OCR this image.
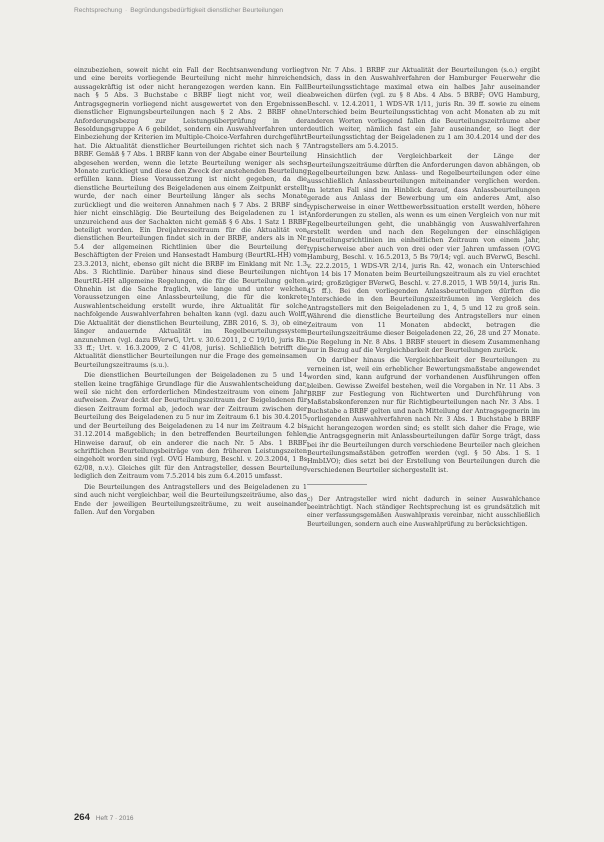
Rechtsprechung · Begründungsbedürftigkeit dienstlicher Beurteilungen

einzubeziehen, soweit nicht ein Fall der Rechtsanwendung vorliegt und eine bereits vorliegende Beurteilung nicht mehr hinreichend aussagekräftig ist oder nicht herangezogen werden kann. Ein Fall nach § 5 Abs. 3 Buchstabe c BRBF liegt nicht vor, weil die Antragsgegnerin vorliegend nicht ausgewertet von den Ergebnissen dienstlicher Eignungsbeurteilungen nach § 2 Abs. 2 BRBF ohne Anforderungsbezug zur Leistungsüberprüfung in der Besoldungsgruppe A 6 gebildet, sondern ein Auswahlverfahren unter Einbeziehung der Kriterien im Multiple-Choice-Verfahren durchgeführt hat. Die Aktualität dienstlicher Beurteilungen richtet sich nach § 7 BRBF. Gemäß § 7 Abs. 1 BRBF kann von der Abgabe einer Beurteilung abgesehen werden, wenn die letzte Beurteilung weniger als sechs Monate zurückliegt und diese den Zweck der anstehenden Beurteilung erfüllen kann. Diese Voraussetzung ist nicht gegeben, da die dienstliche Beurteilung des Beigeladenen aus einem Zeitpunkt erstellt wurde, der nach einer Beurteilung länger als sechs Monate zurückliegt und die weiteren Annahmen nach § 7 Abs. 2 BRBF sind hier nicht einschlägig. Die Beurteilung des Beigeladenen zu 1 ist unzureichend aus der Sachakten nicht gemäß § 6 Abs. 1 Satz 1 BRBF beteiligt worden. Ein Dreijahreszeitraum für die Aktualität von dienstlichen Beurteilungen findet sich in der BRBF, anders als in Nr. 5.4 der allgemeinen Richtlinien über die Beurteilung der Beschäftigten der Freien und Hansestadt Hamburg (BeurtRL-HH) vom 23.3.2013, nicht, ebenso gilt nicht die BRBF im Einklang mit Nr. 1.3 Abs. 3 Richtlinie. Darüber hinaus sind diese Beurteilungen nicht BeurtRL-HH allgemeine Regelungen, die für die Beurteilung gelten. Ohnehin ist die Sache fraglich, wie lange und unter welchen Voraussetzungen eine Anlassbeurteilung, die für die konkrete Auswahlentscheidung erstellt wurde, ihre Aktualität für solche nachfolgende Auswahlverfahren behalten kann (vgl. dazu auch Wolff, Die Aktualität der dienstlichen Beurteilung, ZBR 2016, S. 3), ob eine länger andauernde Aktualität im Regelbeurteilungssystem anzunehmen (vgl. dazu BVerwG, Urt. v. 30.6.2011, 2 C 19/10, juris Rn. 33 ff.; Urt. v. 16.3.2009, 2 C 41/08, juris). Schließlich betrifft die Aktualität dienstlicher Beurteilungen nur die Frage des gemeinsamen Beurteilungszeitraums (s.u.).

Die dienstlichen Beurteilungen der Beigeladenen zu 5 und 14 stellen keine tragfähige Grundlage für die Auswahlentscheidung dar, weil sie nicht den erforderlichen Mindestzeitraum von einem Jahr aufweisen. Zwar deckt der Beurteilungszeitraum der Beigeladenen für diesen Zeitraum formal ab, jedoch war der Zeitraum zwischen der Beurteilung des Beigeladenen zu 5 nur im Zeitraum 6.1 bis 30.4.2015 und der Beurteilung des Beigeladenen zu 14 nur im Zeitraum 4.2 bis 31.12.2014 maßgeblich; in den betreffenden Beurteilungen fehlen Hinweise darauf, ob ein anderer die nach Nr. 5 Abs. 1 BRBF schriftlichen Beurteilungsbeiträge von den früheren Leistungszeiten eingeholt worden sind (vgl. OVG Hamburg, Beschl. v. 20.3.2004, 1 Bs 62/08, n.v.). Gleiches gilt für den Antragsteller, dessen Beurteilung lediglich den Zeitraum vom 7.5.2014 bis zum 6.4.2015 umfasst.

Die Beurteilungen des Antragstellers und des Beigeladenen zu 1 sind auch nicht vergleichbar, weil die Beurteilungszeiträume, also das Ende der jeweiligen Beurteilungszeiträume, zu weit auseinander fallen. Auf den Vorgaben

von Nr. 7 Abs. 1 BRBF zur Aktualität der Beurteilungen (s.o.) ergibt sich, dass in den Auswahlverfahren der Hamburger Feuerwehr die Beurteilungsstichtage maximal etwa ein halbes Jahr auseinander abweichen dürfen (vgl. zu § 8 Abs. 4 Abs. 5 BRBF; OVG Hamburg, Beschl. v. 12.4.2011, 1 WDS-VR 1/11, juris Rn. 39 ff. sowie zu einem Unterschied beim Beurteilungsstichtag von acht Monaten ab zu mit anderen Worten vorliegend fallen die Beurteilungszeiträume aber deutlich weiter, nämlich fast ein Jahr auseinander, so liegt der Beurteilungsstichtag der Beigeladenen zu 1 am 30.4.2014 und der des Antragstellers am 5.4.2015.

Hinsichtlich der Vergleichbarkeit der Länge der Beurteilungszeiträume dürften die Anforderungen davon abhängen, ob Regelbeurteilungen bzw. Anlass- und Regelbeurteilungen oder eine ausschließlich Anlassbeurteilungen miteinander verglichen werden. Im letzten Fall sind im Hinblick darauf, dass Anlassbeurteilungen gerade aus Anlass der Bewerbung um ein anderes Amt, also typischerweise in einer Wettbewerbssituation erstellt werden, höhere Anforderungen zu stellen, als wenn es um einen Vergleich von nur mit Regelbeurteilungen geht, die unabhängig von Auswahlverfahren erstellt werden und nach den Regelungen der einschlägigen Beurteilungsrichtlinien im einheitlichen Zeitraum von einem Jahr, typischerweise aber auch von drei oder vier Jahren umfassen (OVG Hamburg, Beschl. v. 16.5.2013, 5 Bs 79/14; vgl. auch BVerwG, Beschl. v. 22.2.2015, 1 WDS-VR 2/14, juris Rn. 42, wonach ein Unterschied von 14 bis 17 Monaten beim Beurteilungszeitraum als zu viel erachtet wird; großzügiger BVerwG, Beschl. v. 27.8.2015, 1 WB 59/14, juris Rn. 45 ff.). Bei den vorliegenden Anlassbeurteilungen dürften die Unterschiede in den Beurteilungszeiträumen im Vergleich des Antragstellers mit den Beigeladenen zu 1, 4, 5 und 12 zu groß sein. Während die dienstliche Beurteilung des Antragstellers nur einen Zeitraum von 11 Monaten abdeckt, betragen die Beurteilungszeiträume dieser Beigeladenen 22, 26, 28 und 27 Monate. Die Regelung in Nr. 8 Abs. 1 BRBF steuert in diesem Zusammenhang nur in Bezug auf die Vergleichbarkeit der Beurteilungen zurück.

Ob darüber hinaus die Vergleichbarkeit der Beurteilungen zu verneinen ist, weil ein erheblicher Bewertungsmaßstabe angewendet worden sind, kann aufgrund der vorhandenen Ausführungen offen bleiben. Gewisse Zweifel bestehen, weil die Vorgaben in Nr. 11 Abs. 3 BRBF zur Festlegung von Richtwerten und Durchführung von Maßstabskonferenzen nur für Richtigbeurteilungen nach Nr. 3 Abs. 1 Buchstabe a BRBF gelten und nach Mitteilung der Antragsgegnerin im vorliegenden Auswahlverfahren nach Nr. 3 Abs. 1 Buchstabe b BRBF nicht herangezogen worden sind; es stellt sich daher die Frage, wie die Antragsgegnerin mit Anlassbeurteilungen dafür Sorge trägt, dass bei ihr die Beurteilungen durch verschiedene Beurteiler nach gleichen Beurteilungsmaßstäben getroffen werden (vgl. § 50 Abs. 1 S. 1 HmbLVO); dies setzt bei der Erstellung von Beurteilungen durch die verschiedenen Beurteiler sichergestellt ist.

c) Der Antragsteller wird nicht dadurch in seiner Auswahlchance beeinträchtigt. Nach ständiger Rechtsprechung ist es grundsätzlich mit einer verfassungsgemäßen Auswahlpraxis vereinbar, nicht ausschließlich Beurteilungen, sondern auch eine Auswahlprüfung zu berücksichtigen.

264 Heft 7 · 2016
